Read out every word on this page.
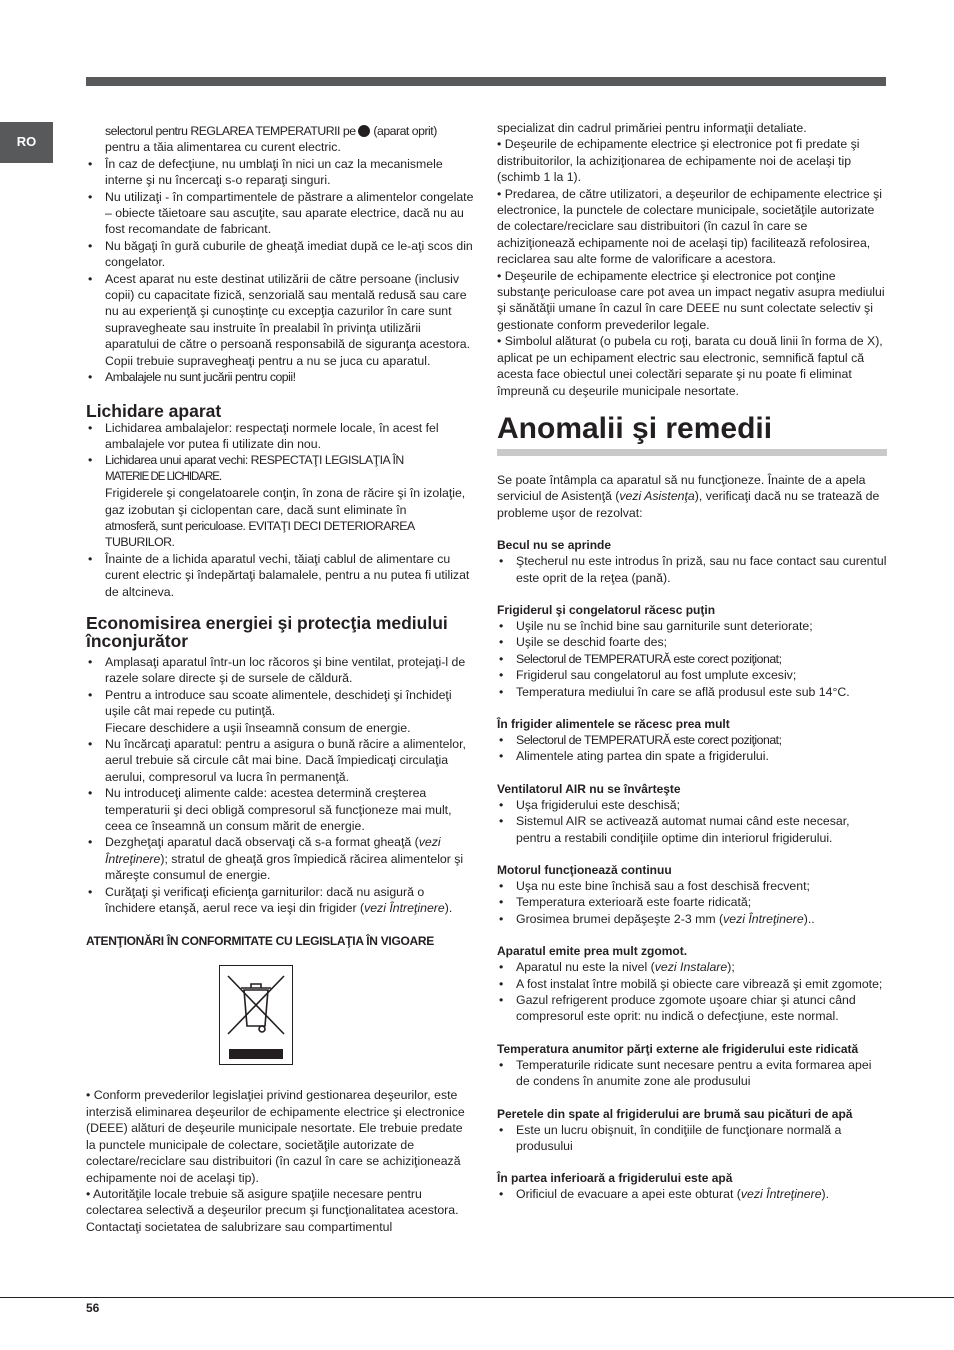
RO

selectorul pentru REGLAREA TEMPERATURII pe (aparat oprit)

pentru a tăia alimentarea cu curent electric.

• În caz de defecţiune, nu umblaţi în nici un caz la mecanismele interne şi nu încercaţi s-o reparaţi singuri.
• Nu utilizaţi - în compartimentele de păstrare a alimentelor congelate – obiecte tăietoare sau ascuţite, sau aparate electrice, dacă nu au fost recomandate de fabricant.
• Nu băgaţi în gură cuburile de gheaţă imediat după ce le-aţi scos din congelator.
• Acest aparat nu este destinat utilizării de către persoane (inclusiv copii) cu capacitate fizică, senzorială sau mentală redusă sau care nu au experienţă şi cunoştinţe cu excepţia cazurilor în care sunt supravegheate sau instruite în prealabil în privinţa utilizării aparatului de către o persoană responsabilă de siguranţa acestora. Copii trebuie supravegheaţi pentru a nu se juca cu aparatul.
• Ambalajele nu sunt jucării pentru copii!
Lichidare aparat
• Lichidarea ambalajelor: respectaţi normele locale, în acest fel ambalajele vor putea fi utilizate din nou.
• Lichidarea unui aparat vechi: RESPECTAŢI LEGISLAŢIA ÎN
MATERIE DE LICHIDARE.
Frigiderele şi congelatoarele conţin, în zona de răcire şi în izolaţie, gaz izobutan şi ciclopentan care, dacă sunt eliminate în
atmosferă, sunt periculoase. EVITAŢI DECI DETERIORAREA
TUBURILOR.
• Înainte de a lichida aparatul vechi, tăiaţi cablul de alimentare cu curent electric şi îndepărtaţi balamalele, pentru a nu putea fi utilizat de altcineva.
Economisirea energiei şi protecţia mediului înconjurător
• Amplasaţi aparatul într-un loc răcoros şi bine ventilat, protejaţi-l de razele solare directe şi de sursele de căldură.
• Pentru a introduce sau scoate alimentele, deschideţi şi închideţi uşile cât mai repede cu putinţă.
Fiecare deschidere a uşii înseamnă consum de energie.
• Nu încărcaţi aparatul: pentru a asigura o bună răcire a alimentelor, aerul trebuie să circule cât mai bine. Dacă împiedicaţi circulaţia aerului, compresorul va lucra în permanenţă.
• Nu introduceţi alimente calde: acestea determină creşterea temperaturii şi deci obligă compresorul să funcţioneze mai mult, ceea ce înseamnă un consum mărit de energie.
• Dezgheţaţi aparatul dacă observaţi că s-a format gheaţă (vezi Întreţinere); stratul de gheaţă gros împiedică răcirea alimentelor şi măreşte consumul de energie.
• Curăţaţi şi verificaţi eficienţa garniturilor: dacă nu asigură o închidere etanşă, aerul rece va ieşi din frigider (vezi Întreţinere).

ATENŢIONĂRI ÎN CONFORMITATE CU LEGISLAŢIA ÎN VIGOARE

• Conform prevederilor legislaţiei privind gestionarea deşeurilor, este interzisă eliminarea deşeurilor de echipamente electrice şi electronice (DEEE) alături de deşeurile municipale nesortate. Ele trebuie predate la punctele municipale de colectare, societăţile autorizate de colectare/reciclare sau distribuitori (în cazul în care se achiziţionează echipamente noi de acelaşi tip).

• Autorităţile locale trebuie să asigure spaţiile necesare pentru colectarea selectivă a deşeurilor precum şi funcţionalitatea acestora. Contactaţi societatea de salubrizare sau compartimentul

specializat din cadrul primăriei pentru informaţii detaliate.

• Deşeurile de echipamente electrice şi electronice pot fi predate şi distribuitorilor, la achiziţionarea de echipamente noi de acelaşi tip (schimb 1 la 1).

• Predarea, de către utilizatori, a deşeurilor de echipamente electrice şi electronice, la punctele de colectare municipale, societăţile autorizate de colectare/reciclare sau distribuitori (în cazul în care se achiziţionează echipamente noi de acelaşi tip) facilitează refolosirea, reciclarea sau alte forme de valorificare a acestora.

• Deşeurile de echipamente electrice şi electronice pot conţine substanţe periculoase care pot avea un impact negativ asupra mediului şi sănătăţii umane în cazul în care DEEE nu sunt colectate selectiv şi gestionate conform prevederilor legale.

• Simbolul alăturat (o pubela cu roţi, barata cu două linii în forma de X), aplicat pe un echipament electric sau electronic, semnifică faptul că acesta face obiectul unei colectări separate şi nu poate fi eliminat împreună cu deşeurile municipale nesortate.

Anomalii şi remedii

Se poate întâmpla ca aparatul să nu funcţioneze. Înainte de a apela serviciul de Asistenţă (vezi Asistenţa), verificaţi dacă nu se tratează de probleme uşor de rezolvat:

Becul nu se aprinde

• Ştecherul nu este introdus în priză, sau nu face contact sau curentul este oprit de la reţea (pană).

Frigiderul şi congelatorul răcesc puţin

• Uşile nu se închid bine sau garniturile sunt deteriorate;
• Uşile se deschid foarte des;
• Selectorul de TEMPERATURĂ este corect poziţionat;
• Frigiderul sau congelatorul au fost umplute excesiv;
• Temperatura mediului în care se află produsul este sub 14°C.

În frigider alimentele se răcesc prea mult

• Selectorul de TEMPERATURĂ este corect poziţionat;
• Alimentele ating partea din spate a frigiderului.

Ventilatorul AIR nu se învârteşte

• Uşa frigiderului este deschisă;
• Sistemul AIR se activează automat numai când este necesar, pentru a restabili condiţiile optime din interiorul frigiderului.

Motorul funcţionează continuu

• Uşa nu este bine închisă sau a fost deschisă frecvent;
• Temperatura exterioară este foarte ridicată;
• Grosimea brumei depăşeşte 2-3 mm (vezi Întreţinere)..

Aparatul emite prea mult zgomot.

• Aparatul nu este la nivel (vezi Instalare);
• A fost instalat între mobilă şi obiecte care vibrează şi emit zgomote;
• Gazul refrigerent produce zgomote uşoare chiar şi atunci când compresorul este oprit: nu indică o defecţiune, este normal.

Temperatura anumitor părţi externe ale frigiderului este ridicată

• Temperaturile ridicate sunt necesare pentru a evita formarea apei de condens în anumite zone ale produsului

Peretele din spate al frigiderului are brumă sau picături de apă

• Este un lucru obişnuit, în condiţiile de funcţionare normală a produsului

În partea inferioară a frigiderului este apă

• Orificiul de evacuare a apei este obturat (vezi Întreţinere).
56
